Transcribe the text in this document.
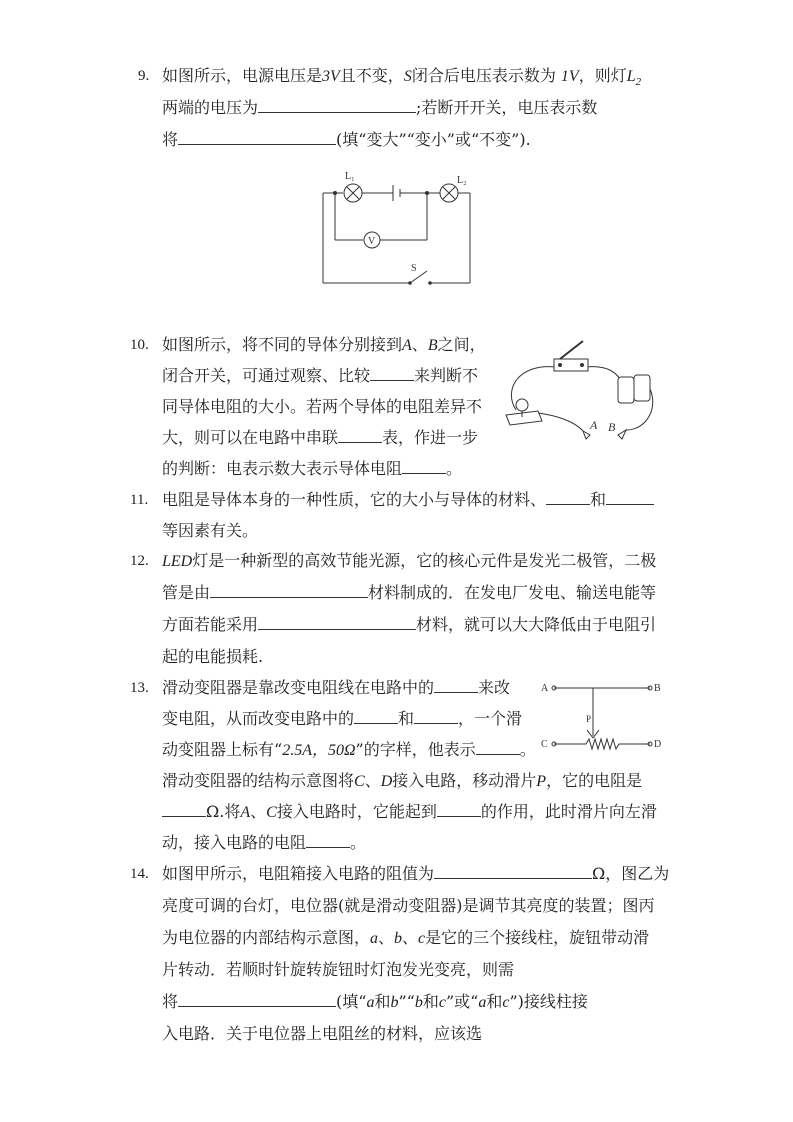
9. 如图所示，电源电压是3V且不变，S闭合后电压表示数为 1V，则灯$L_2$
两端的电压为	;若断开开关，电压表示数
将	(填“变大”“变小”或“不变”).
L₁	L₂
V
S
10. 如图所示，将不同的导体分别接到A、B之间，
闭合开关，可通过观察、比较	来判断不
同导体电阻的大小。若两个导体的电阻差异不
大，则可以在电路中串联	表，作进一步
的判断：电表示数大表示导体电阻	。
A B
11. 电阻是导体本身的一种性质，它的大小与导体的材料、	和
等因素有关。
12. LED灯是一种新型的高效节能光源，它的核心元件是发光二极管，二极
管是由	材料制成的．在发电厂发电、输送电能等
方面若能采用	材料，就可以大大降低由于电阻引
起的电能损耗.
13. 滑动变阻器是靠改变电阻线在电路中的	来改
变电阻，从而改变电路中的	和	，一个滑
动变阻器上标有“2.5A，50Ω”的字样，他表示	。
滑动变阻器的结构示意图将C、D接入电路，移动滑片P，它的电阻是
Ω.将A、C接入电路时，它能起到	的作用，此时滑片向左滑
动，接入电路的电阻	。
A	B
C	D
P
14. 如图甲所示，电阻箱接入电路的阻值为	Ω，图乙为
亮度可调的台灯，电位器(就是滑动变阻器)是调节其亮度的装置；图丙
为电位器的内部结构示意图，a、b、c是它的三个接线柱，旋钮带动滑
片转动．若顺时针旋转旋钮时灯泡发光变亮，则需
将	(填“a和b”“b和c”或“a和c”)接线柱接
入电路．关于电位器上电阻丝的材料，应该选
